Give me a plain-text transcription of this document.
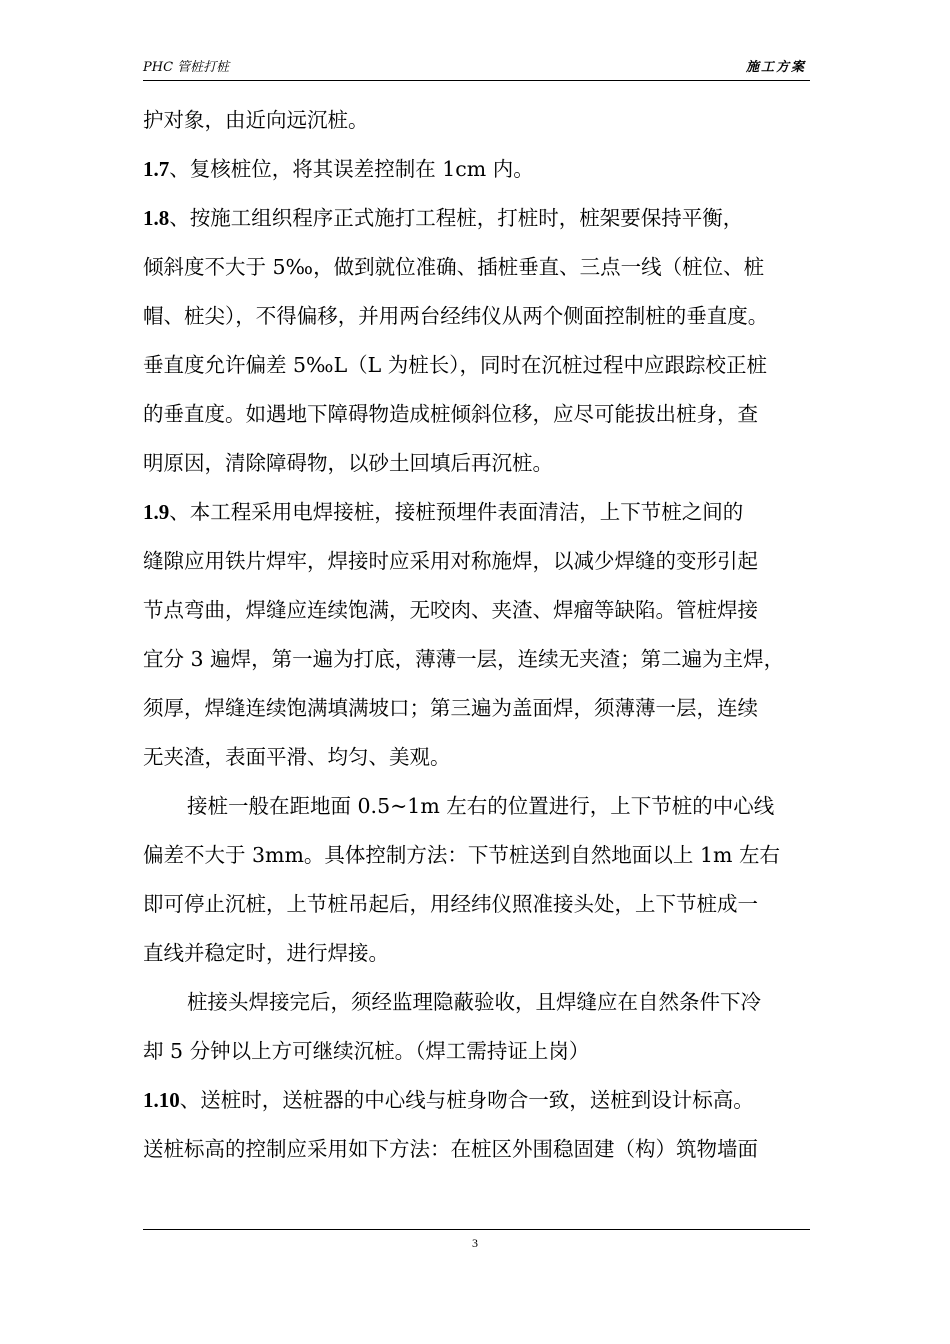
PHC 管桩打桩	施工方案
护对象，由近向远沉桩。
1.7、复核桩位，将其误差控制在 1cm 内。
1.8、按施工组织程序正式施打工程桩，打桩时，桩架要保持平衡，
倾斜度不大于 5‰，做到就位准确、插桩垂直、三点一线（桩位、桩
帽、桩尖），不得偏移，并用两台经纬仪从两个侧面控制桩的垂直度。
垂直度允许偏差 5‰L（L 为桩长），同时在沉桩过程中应跟踪校正桩
的垂直度。如遇地下障碍物造成桩倾斜位移，应尽可能拔出桩身，查
明原因，清除障碍物，以砂土回填后再沉桩。
1.9、本工程采用电焊接桩，接桩预埋件表面清洁，上下节桩之间的
缝隙应用铁片焊牢，焊接时应采用对称施焊，以减少焊缝的变形引起
节点弯曲，焊缝应连续饱满，无咬肉、夹渣、焊瘤等缺陷。管桩焊接
宜分 3 遍焊，第一遍为打底，薄薄一层，连续无夹渣；第二遍为主焊，
须厚，焊缝连续饱满填满坡口；第三遍为盖面焊，须薄薄一层，连续
无夹渣，表面平滑、均匀、美观。
接桩一般在距地面 0.5~1m 左右的位置进行，上下节桩的中心线
偏差不大于 3mm。具体控制方法：下节桩送到自然地面以上 1m 左右
即可停止沉桩，上节桩吊起后，用经纬仪照准接头处，上下节桩成一
直线并稳定时，进行焊接。
桩接头焊接完后，须经监理隐蔽验收，且焊缝应在自然条件下冷
却 5 分钟以上方可继续沉桩。（焊工需持证上岗）
1.10、送桩时，送桩器的中心线与桩身吻合一致，送桩到设计标高。
送桩标高的控制应采用如下方法：在桩区外围稳固建（构）筑物墙面
3
